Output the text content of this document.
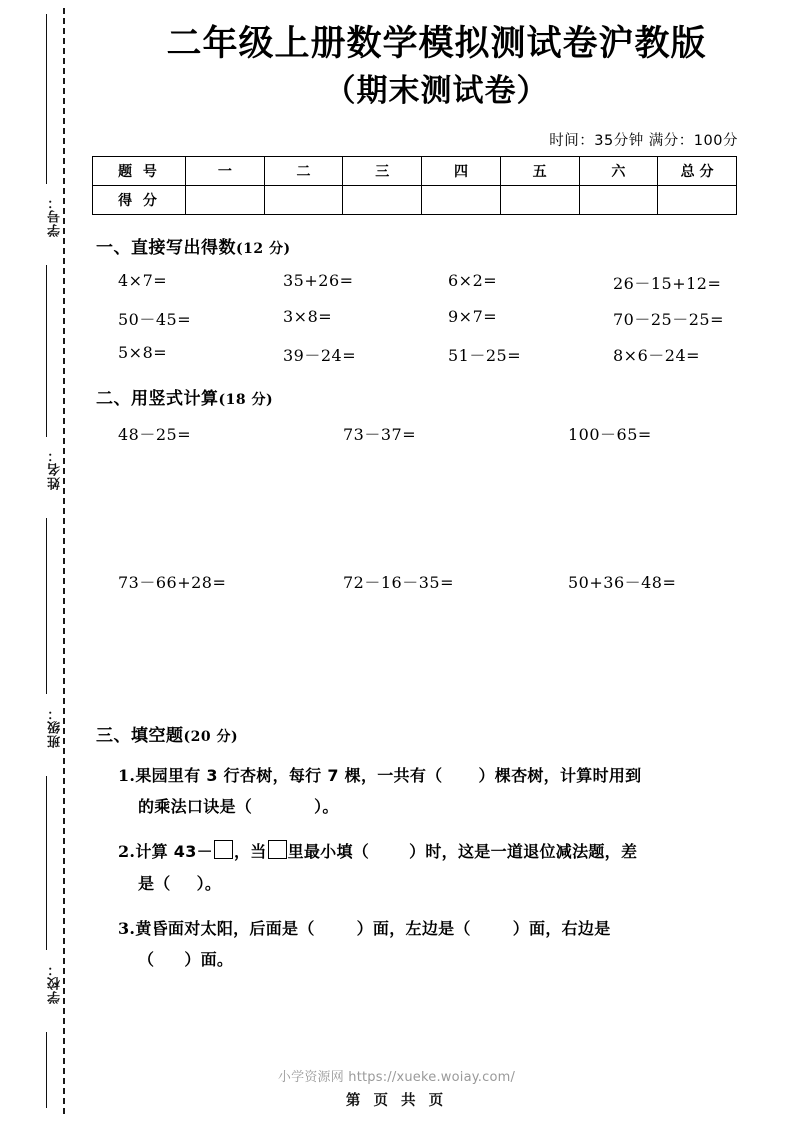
学号：
姓名：
班级：
学校：
二年级上册数学模拟测试卷沪教版
（期末测试卷）
时间：35分钟 满分：100分
题 号	一	二	三	四	五	六	总 分
得 分							
一、直接写出得数(12 分)
4×7=	35+26=	6×2=	26－15+12=
50－45=	3×8=	9×7=	70－25－25=
5×8=	39－24=	51－25=	8×6－24=
二、用竖式计算(18 分)
48－25=	73－37=	100－65=
73－66+28=	72－16－35=	50+36－48=
三、填空题(20 分)
1.果园里有 3 行杏树，每行 7 棵，一共有（ ）棵杏树，计算时用到
的乘法口诀是（	）。
2.计算 43－ ，当 里最小填（	）时，这是一道退位减法题，差
是（ ）。
3.黄昏面对太阳，后面是（	）面，左边是（	）面，右边是
（ ）面。
小学资源网 https://xueke.woiay.com/
第 页 共 页
